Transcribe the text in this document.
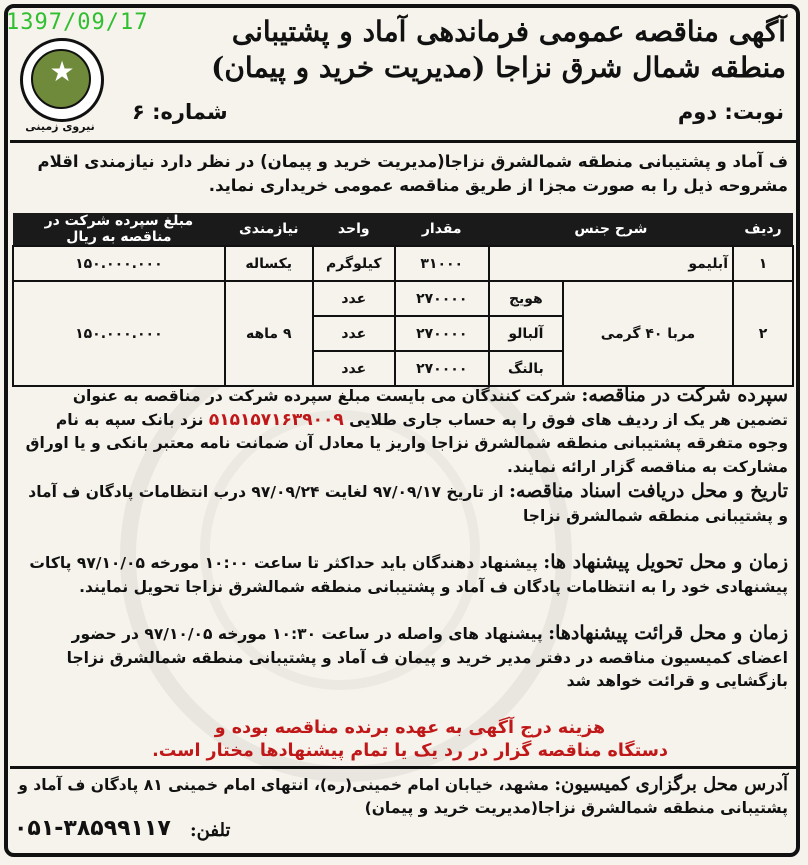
1397/09/17
★
نیروی زمینی
آگهی مناقصه عمومی فرماندهی آماد و پشتیبانی
منطقه شمال شرق نزاجا (مدیریت خرید و پیمان)
نوبت: دوم
شماره: ۶
ف آماد و پشتیبانی منطقه شمالشرق نزاجا(مدیریت خرید و پیمان) در نظر دارد نیازمندی اقلام مشروحه ذیل را به صورت مجزا از طریق مناقصه عمومی خریداری نماید.
ردیف	شرح جنس		مقدار	واحد	نیازمندی	مبلغ سپرده شرکت در مناقصه به ریال
۱	آبلیمو		۳۱۰۰۰	کیلوگرم	یکساله	۱۵۰.۰۰۰.۰۰۰
۲	مربا ۴۰ گرمی	هویج	۲۷۰۰۰۰	عدد	۹ ماهه	۱۵۰.۰۰۰.۰۰۰
		آلبالو	۲۷۰۰۰۰	عدد		
		بالنگ	۲۷۰۰۰۰	عدد		
سپرده شرکت در مناقصه: شرکت کنندگان می بایست مبلغ سپرده شرکت در مناقصه به عنوان تضمین هر یک از ردیف های فوق را به حساب جاری طلایی ۵۱۵۱۵۷۱۶۳۹۰۰۹ نزد بانک سپه به نام وجوه متفرقه پشتیبانی منطقه شمالشرق نزاجا واریز یا معادل آن ضمانت نامه معتبر بانکی و یا اوراق مشارکت به مناقصه گزار ارائه نمایند.
تاریخ و محل دریافت اسناد مناقصه: از تاریخ ۹۷/۰۹/۱۷ لغایت ۹۷/۰۹/۲۴ درب انتظامات پادگان ف آماد و پشتیبانی منطقه شمالشرق نزاجا
زمان و محل تحویل پیشنهاد ها: پیشنهاد دهندگان باید حداکثر تا ساعت ۱۰:۰۰ مورخه ۹۷/۱۰/۰۵ پاکات پیشنهادی خود را به انتظامات پادگان ف آماد و پشتیبانی منطقه شمالشرق نزاجا تحویل نمایند.
زمان و محل قرائت پیشنهادها: پیشنهاد های واصله در ساعت ۱۰:۳۰ مورخه ۹۷/۱۰/۰۵ در حضور اعضای کمیسیون مناقصه در دفتر مدیر خرید و پیمان ف آماد و پشتیبانی منطقه شمالشرق نزاجا بازگشایی و قرائت خواهد شد
هزینه درج آگهی به عهده برنده مناقصه بوده و
دستگاه مناقصه گزار در رد یک یا تمام پیشنهادها مختار است.
آدرس محل برگزاری کمیسیون: مشهد، خیابان امام خمینی(ره)، انتهای امام خمینی ۸۱ پادگان ف آماد و پشتیبانی منطقه شمالشرق نزاجا(مدیریت خرید و پیمان)
تلفن:
۰۵۱-۳۸۵۹۹۱۱۷
